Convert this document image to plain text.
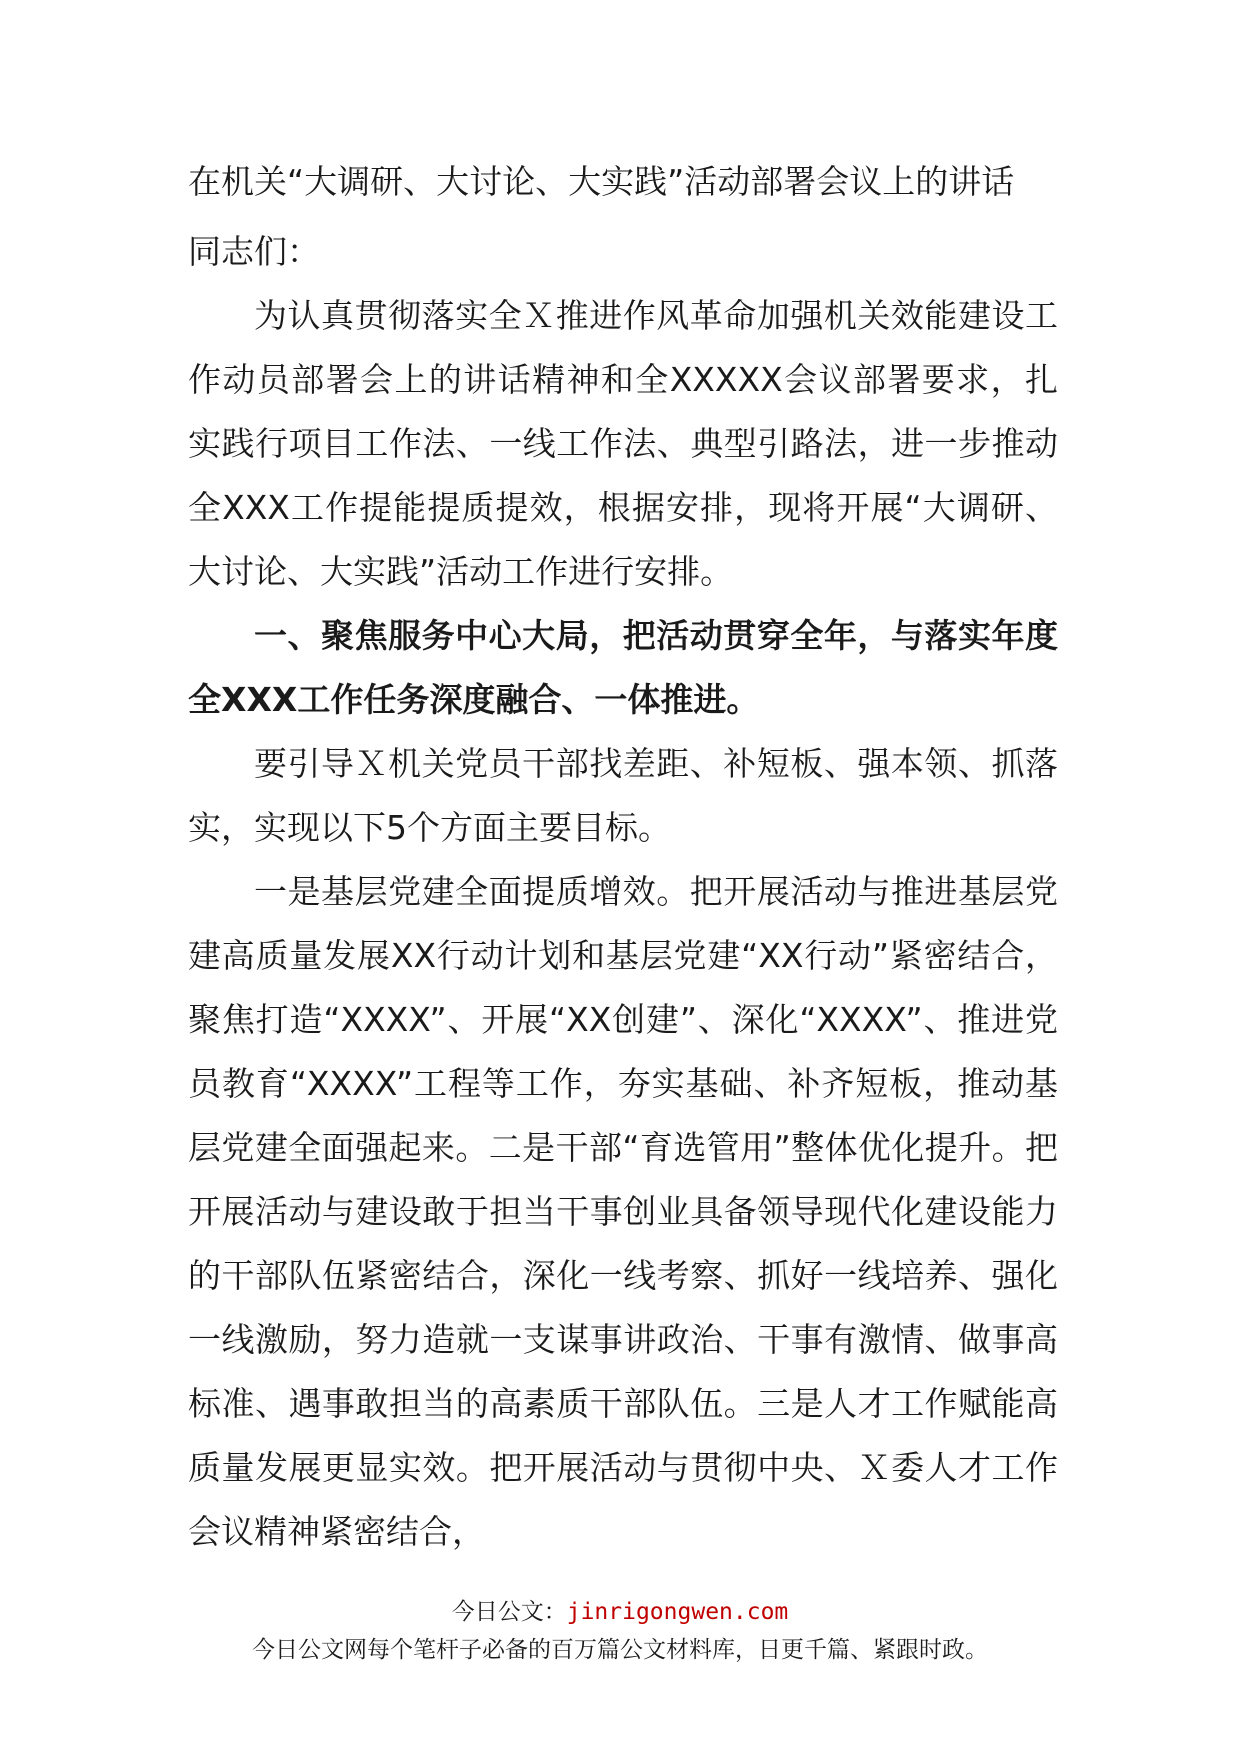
在机关“大调研、大讨论、大实践”活动部署会议上的讲话
同志们：

为认真贯彻落实全Ｘ推进作风革命加强机关效能建设工作动员部署会上的讲话精神和全XXXXX会议部署要求，扎实践行项目工作法、一线工作法、典型引路法，进一步推动全XXX工作提能提质提效，根据安排，现将开展“大调研、大讨论、大实践”活动工作进行安排。

一、聚焦服务中心大局，把活动贯穿全年，与落实年度全XXX工作任务深度融合、一体推进。

要引导Ｘ机关党员干部找差距、补短板、强本领、抓落实，实现以下5个方面主要目标。

一是基层党建全面提质增效。把开展活动与推进基层党建高质量发展XX行动计划和基层党建“XX行动”紧密结合，聚焦打造“XXXX”、开展“XX创建”、深化“XXXX”、推进党员教育“XXXX”工程等工作，夯实基础、补齐短板，推动基层党建全面强起来。二是干部“育选管用”整体优化提升。把开展活动与建设敢于担当干事创业具备领导现代化建设能力的干部队伍紧密结合，深化一线考察、抓好一线培养、强化一线激励，努力造就一支谋事讲政治、干事有激情、做事高标准、遇事敢担当的高素质干部队伍。三是人才工作赋能高质量发展更显实效。把开展活动与贯彻中央、Ｘ委人才工作会议精神紧密结合，

今日公文：jinrigongwen.com
今日公文网每个笔杆子必备的百万篇公文材料库，日更千篇、紧跟时政。
